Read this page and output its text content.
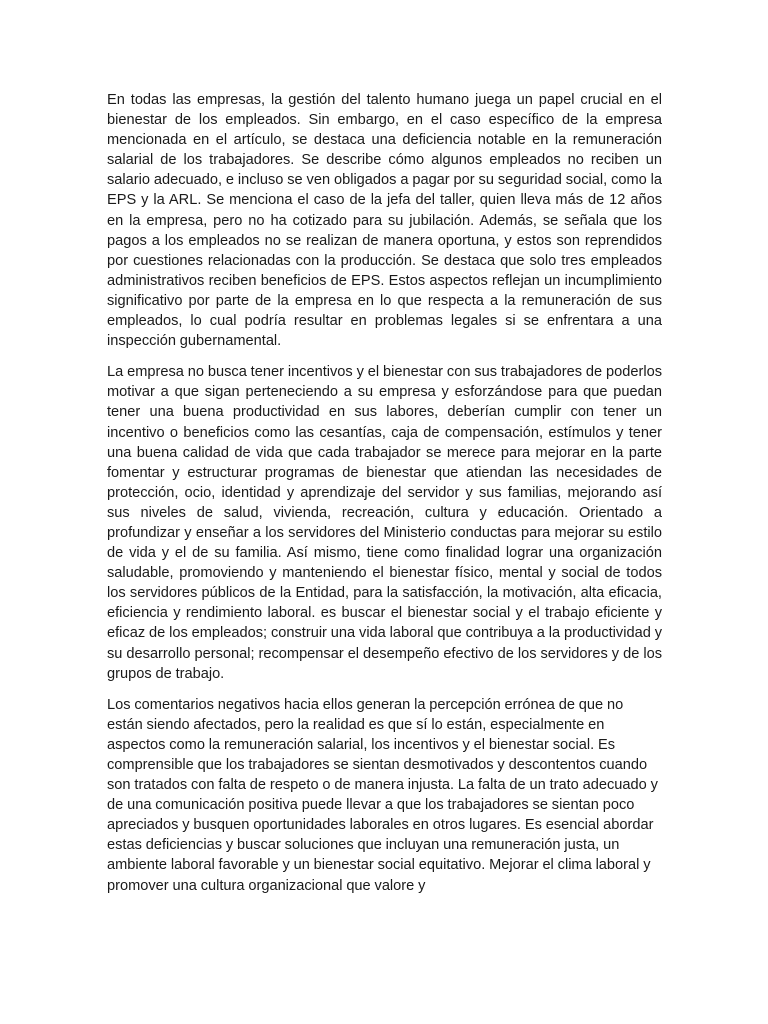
En todas las empresas, la gestión del talento humano juega un papel crucial en el bienestar de los empleados. Sin embargo, en el caso específico de la empresa mencionada en el artículo, se destaca una deficiencia notable en la remuneración salarial de los trabajadores. Se describe cómo algunos empleados no reciben un salario adecuado, e incluso se ven obligados a pagar por su seguridad social, como la EPS y la ARL. Se menciona el caso de la jefa del taller, quien lleva más de 12 años en la empresa, pero no ha cotizado para su jubilación. Además, se señala que los pagos a los empleados no se realizan de manera oportuna, y estos son reprendidos por cuestiones relacionadas con la producción. Se destaca que solo tres empleados administrativos reciben beneficios de EPS. Estos aspectos reflejan un incumplimiento significativo por parte de la empresa en lo que respecta a la remuneración de sus empleados, lo cual podría resultar en problemas legales si se enfrentara a una inspección gubernamental.

La empresa no busca tener incentivos y el bienestar con sus trabajadores de poderlos motivar a que sigan perteneciendo a su empresa y esforzándose para que puedan tener una buena productividad en sus labores, deberían cumplir con tener un incentivo o beneficios como las cesantías, caja de compensación, estímulos y tener una buena calidad de vida que cada trabajador se merece para mejorar en la parte fomentar y estructurar programas de bienestar que atiendan las necesidades de protección, ocio, identidad y aprendizaje del servidor y sus familias, mejorando así sus niveles de salud, vivienda, recreación, cultura y educación. Orientado a profundizar y enseñar a los servidores del Ministerio conductas para mejorar su estilo de vida y el de su familia. Así mismo, tiene como finalidad lograr una organización saludable, promoviendo y manteniendo el bienestar físico, mental y social de todos los servidores públicos de la Entidad, para la satisfacción, la motivación, alta eficacia, eficiencia y rendimiento laboral. es buscar el bienestar social y el trabajo eficiente y eficaz de los empleados; construir una vida laboral que contribuya a la productividad y su desarrollo personal; recompensar el desempeño efectivo de los servidores y de los grupos de trabajo.

Los comentarios negativos hacia ellos generan la percepción errónea de que no están siendo afectados, pero la realidad es que sí lo están, especialmente en aspectos como la remuneración salarial, los incentivos y el bienestar social. Es comprensible que los trabajadores se sientan desmotivados y descontentos cuando son tratados con falta de respeto o de manera injusta. La falta de un trato adecuado y de una comunicación positiva puede llevar a que los trabajadores se sientan poco apreciados y busquen oportunidades laborales en otros lugares. Es esencial abordar estas deficiencias y buscar soluciones que incluyan una remuneración justa, un ambiente laboral favorable y un bienestar social equitativo. Mejorar el clima laboral y promover una cultura organizacional que valore y
